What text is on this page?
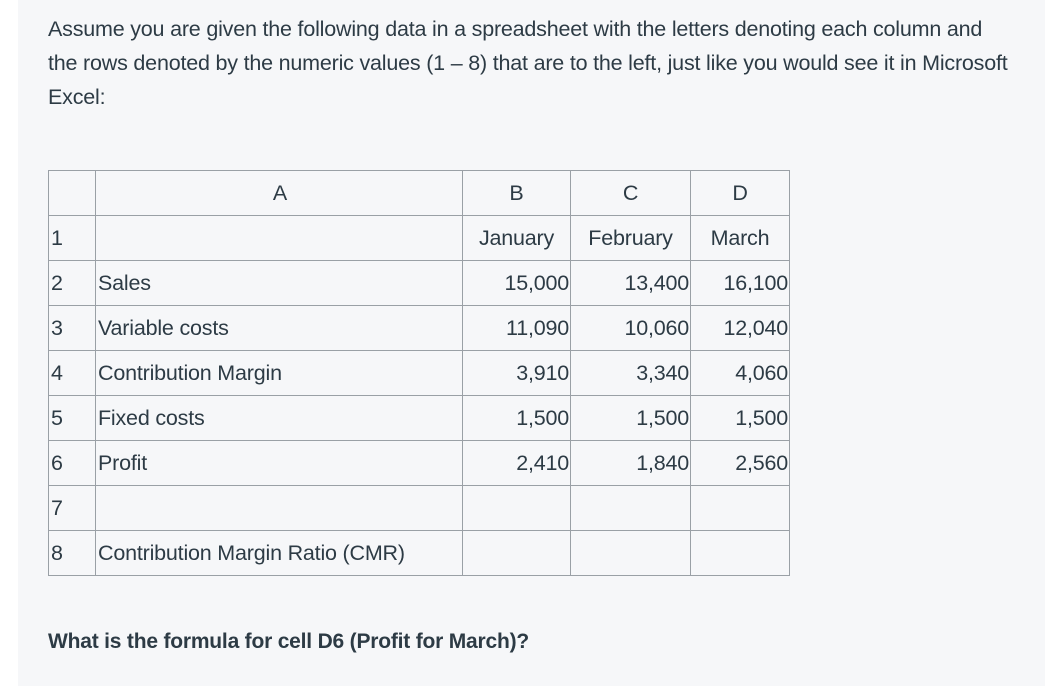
Assume you are given the following data in a spreadsheet with the letters denoting each column and the rows denoted by the numeric values (1 – 8) that are to the left, just like you would see it in Microsoft Excel:

	A	B	C	D
1		January	February	March
2	Sales	15,000	13,400	16,100
3	Variable costs	11,090	10,060	12,040
4	Contribution Margin	3,910	3,340	4,060
5	Fixed costs	1,500	1,500	1,500
6	Profit	2,410	1,840	2,560
7				
8	Contribution Margin Ratio (CMR)			

What is the formula for cell D6 (Profit for March)?
